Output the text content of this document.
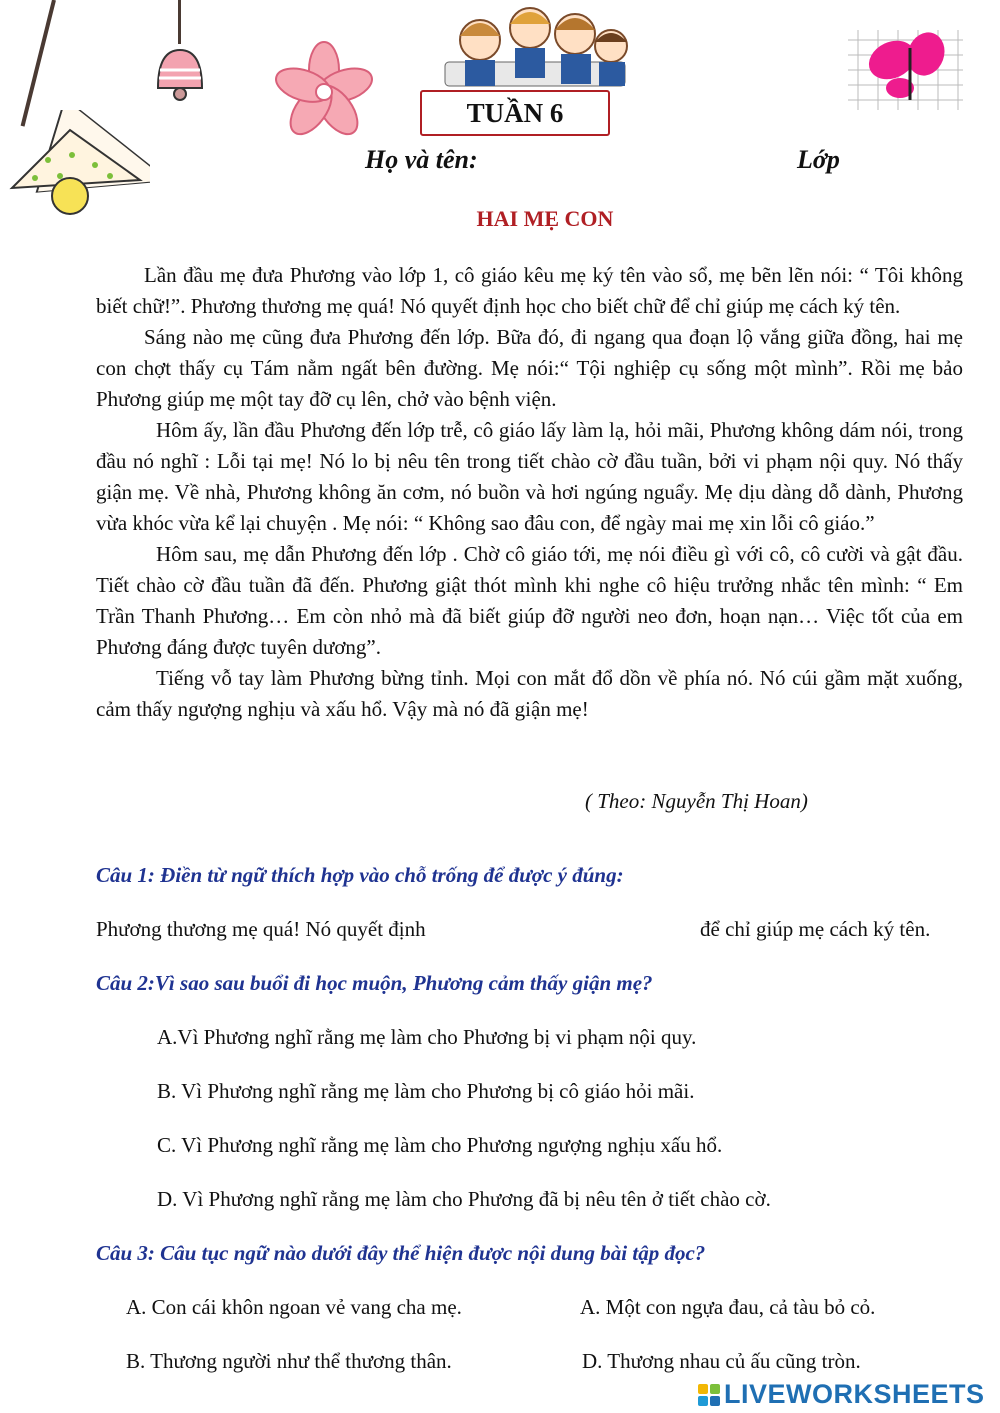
TUẦN 6
Họ và tên:	Lớp
HAI MẸ CON

Lần đầu mẹ đưa Phương vào lớp 1, cô giáo kêu mẹ ký tên vào sổ, mẹ bẽn lẽn nói: “ Tôi không biết chữ!”. Phương thương mẹ quá! Nó quyết định học cho biết chữ để chỉ giúp mẹ cách ký tên.

Sáng nào mẹ cũng đưa Phương đến lớp. Bữa đó, đi ngang qua đoạn lộ vắng giữa đồng, hai mẹ con chợt thấy cụ Tám nằm ngất bên đường. Mẹ nói:“ Tội nghiệp cụ sống một mình”. Rồi mẹ bảo Phương giúp mẹ một tay đỡ cụ lên, chở vào bệnh viện.

Hôm ấy, lần đầu Phương đến lớp trễ, cô giáo lấy làm lạ, hỏi mãi, Phương không dám nói, trong đầu nó nghĩ : Lỗi tại mẹ! Nó lo bị nêu tên trong tiết chào cờ đầu tuần, bởi vi phạm nội quy. Nó thấy giận mẹ. Về nhà, Phương không ăn cơm, nó buồn và hơi ngúng nguẩy. Mẹ dịu dàng dỗ dành, Phương vừa khóc vừa kể lại chuyện . Mẹ nói: “ Không sao đâu con, để ngày mai mẹ xin lỗi cô giáo.”

Hôm sau, mẹ dẫn Phương đến lớp . Chờ cô giáo tới, mẹ nói điều gì với cô, cô cười và gật đầu. Tiết chào cờ đầu tuần đã đến. Phương giật thót mình khi nghe cô hiệu trưởng nhắc tên mình: “ Em Trần Thanh Phương… Em còn nhỏ mà đã biết giúp đỡ người neo đơn, hoạn nạn… Việc tốt của em Phương đáng được tuyên dương”.

Tiếng vỗ tay làm Phương bừng tỉnh. Mọi con mắt đổ dồn về phía nó. Nó cúi gầm mặt xuống, cảm thấy ngượng nghịu và xấu hổ. Vậy mà nó đã giận mẹ!

( Theo: Nguyễn Thị Hoan)
Câu 1: Điền từ ngữ thích hợp vào chỗ trống để được ý đúng:
Phương thương mẹ quá! Nó quyết định	để chỉ giúp mẹ cách ký tên.
Câu 2:Vì sao sau buổi đi học muộn, Phương cảm thấy giận mẹ?
A.Vì Phương nghĩ rằng mẹ làm cho Phương bị vi phạm nội quy.
B. Vì Phương nghĩ rằng mẹ làm cho Phương bị cô giáo hỏi mãi.
C. Vì Phương nghĩ rằng mẹ làm cho Phương ngượng nghịu xấu hổ.
D. Vì Phương nghĩ rằng mẹ làm cho Phương đã bị nêu tên ở tiết chào cờ.
Câu 3: Câu tục ngữ nào dưới đây thể hiện được nội dung bài tập đọc?
A. Con cái khôn ngoan vẻ vang cha mẹ.	A. Một con ngựa đau, cả tàu bỏ cỏ.
B. Thương người như thể thương thân.	D. Thương nhau củ ấu cũng tròn.
LIVEWORKSHEETS
